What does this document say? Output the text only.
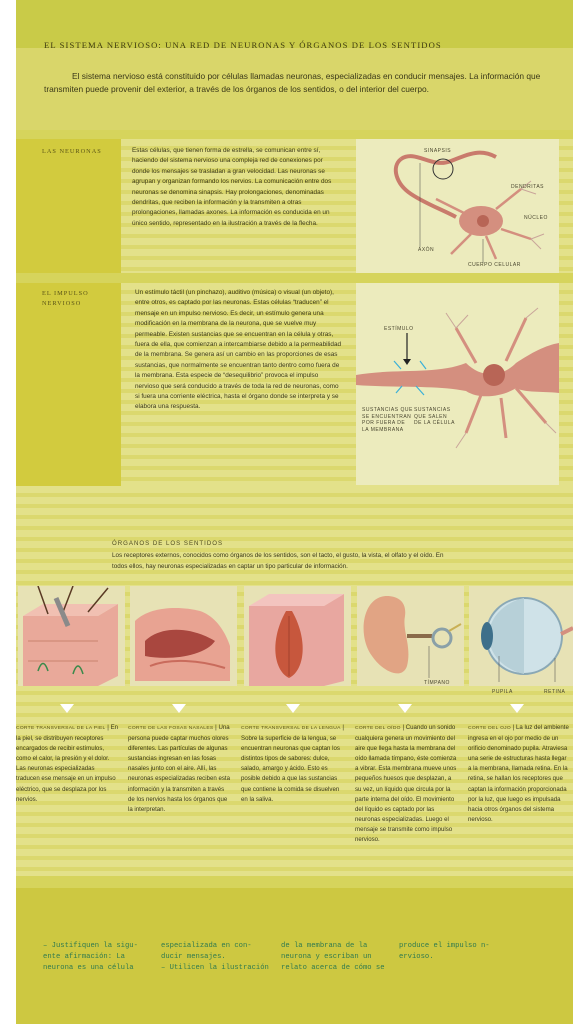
EL SISTEMA NERVIOSO: UNA RED DE NEURONAS Y ÓRGANOS DE LOS SENTIDOS
El sistema nervioso está constituido por células llamadas neuronas, especializadas en conducir mensajes. La información que transmiten puede provenir del exterior, a través de los órganos de los sentidos, o del interior del cuerpo.
LAS NEURONAS	Estas células, que tienen forma de estrella, se comunican entre sí, haciendo del sistema nervioso una compleja red de conexiones por donde los mensajes se trasladan a gran velocidad. Las neuronas se agrupan y organizan formando los nervios. La comunicación entre dos neuronas se denomina sinapsis. Hay prolongaciones, denominadas dendritas, que reciben la información y la transmiten a otras prolongaciones, llamadas axones. La información es conducida en un único sentido, representado en la ilustración a través de la flecha.
SINAPSIS
DENDRITAS
NÚCLEO
AXÓN
CUERPO CELULAR
EL IMPULSO
NERVIOSO
Un estímulo táctil (un pinchazo), auditivo (música) o visual (un objeto), entre otros, es captado por las neuronas. Estas células “traducen” el mensaje en un impulso nervioso. Es decir, un estímulo genera una modificación en la membrana de la neurona, que se vuelve muy permeable. Existen sustancias que se encuentran en la célula y otras, fuera de ella, que comienzan a intercambiarse debido a la permeabilidad de la membrana. Se genera así un cambio en las proporciones de esas sustancias, que normalmente se encuentran tanto dentro como fuera de la membrana. Esta especie de “desequilibrio” provoca el impulso nervioso que será conducido a través de toda la red de neuronas, como si fuera una corriente eléctrica, hasta el órgano donde se interpreta y se elabora una respuesta.
ESTÍMULO
SUSTANCIAS QUE
SE ENCUENTRAN
POR FUERA DE
LA MEMBRANA
SUSTANCIAS
QUE SALEN
DE LA CÉLULA
ÓRGANOS DE LOS SENTIDOS
Los receptores externos, conocidos como órganos de los sentidos, son el tacto, el gusto, la vista, el olfato y el oído. En todos ellos, hay neuronas especializadas en captar un tipo particular de información.
TÍMPANO
PUPILA	RETINA
CORTE TRANSVERSAL DE LA PIEL | En la piel, se distribuyen receptores encargados de recibir estímulos, como el calor, la presión y el dolor. Las neuronas especializadas traducen ese mensaje en un impulso eléctrico, que se desplaza por los nervios.
CORTE DE LAS FOSAS NASALES | Una persona puede captar muchos olores diferentes. Las partículas de algunas sustancias ingresan en las fosas nasales junto con el aire. Allí, las neuronas especializadas reciben esta información y la transmiten a través de los nervios hasta los órganos que la interpretan.
CORTE TRANSVERSAL DE LA LENGUA | Sobre la superficie de la lengua, se encuentran neuronas que captan los distintos tipos de sabores: dulce, salado, amargo y ácido. Esto es posible debido a que las sustancias que contiene la comida se disuelven en la saliva.
CORTE DEL OÍDO | Cuando un sonido cualquiera genera un movimiento del aire que llega hasta la membrana del oído llamada tímpano, éste comienza a vibrar. Esta membrana mueve unos pequeños huesos que desplazan, a su vez, un líquido que circula por la parte interna del oído. El movimiento del líquido es captado por las neuronas especializadas. Luego el mensaje se transmite como impulso nervioso.
CORTE DEL OJO | La luz del ambiente ingresa en el ojo por medio de un orificio denominado pupila. Atraviesa una serie de estructuras hasta llegar a la membrana, llamada retina. En la retina, se hallan los receptores que captan la información proporcionada por la luz, que luego es impulsada hacia otros órganos del sistema nervioso.
– Justifiquen la sigu-
ente afirmación: La
neurona es una célula
especializada en con-
ducir mensajes.
– Utilicen la ilustración
de la membrana de la
neurona y escriban un
relato acerca de cómo se
produce el impulso n-
ervioso.
